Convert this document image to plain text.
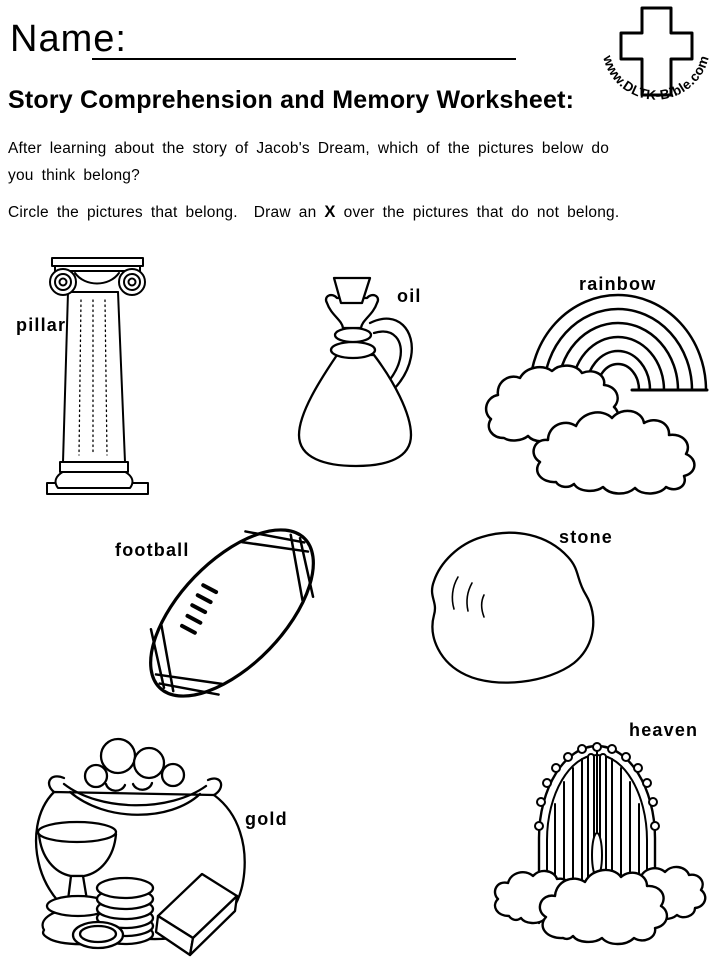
Name:
www.DLTK-Bible.com
Story Comprehension and Memory Worksheet:
After learning about the story of Jacob's Dream, which of the pictures below do
you think belong?
Circle the pictures that belong.  Draw an X over the pictures that do not belong.
pillar
oil
rainbow
football
stone
gold
heaven
